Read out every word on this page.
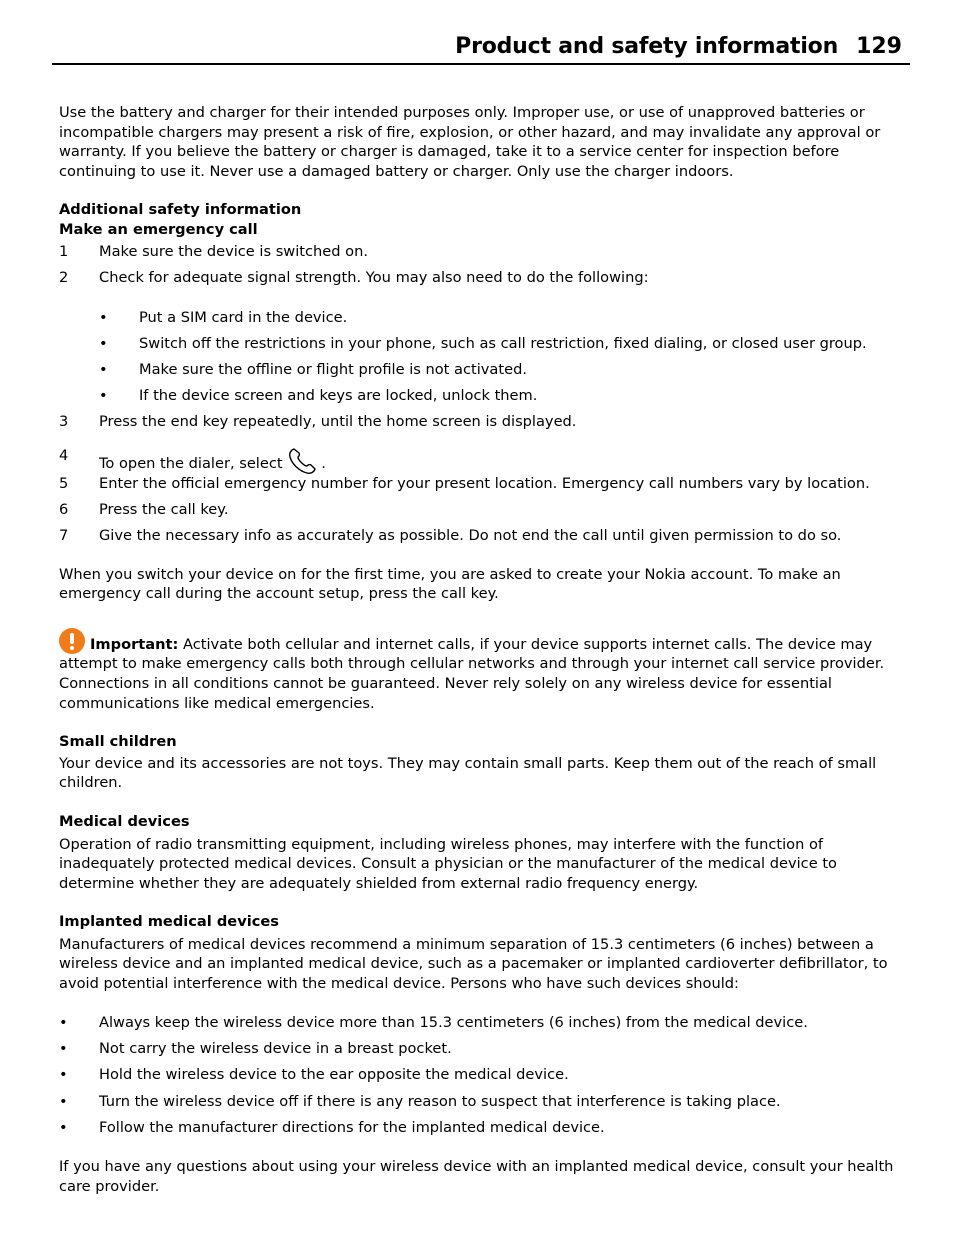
Product and safety information 129

Use the battery and charger for their intended purposes only. Improper use, or use of unapproved batteries or incompatible chargers may present a risk of fire, explosion, or other hazard, and may invalidate any approval or warranty. If you believe the battery or charger is damaged, take it to a service center for inspection before continuing to use it. Never use a damaged battery or charger. Only use the charger indoors.

Additional safety information

Make an emergency call

1 Make sure the device is switched on.
2 Check for adequate signal strength. You may also need to do the following:
• Put a SIM card in the device.
• Switch off the restrictions in your phone, such as call restriction, fixed dialing, or closed user group.
• Make sure the offline or flight profile is not activated.
• If the device screen and keys are locked, unlock them.
3 Press the end key repeatedly, until the home screen is displayed.
4 To open the dialer, select	.
5 Enter the official emergency number for your present location. Emergency call numbers vary by location.
6 Press the call key.
7 Give the necessary info as accurately as possible. Do not end the call until given permission to do so.

When you switch your device on for the first time, you are asked to create your Nokia account. To make an emergency call during the account setup, press the call key.

Important: Activate both cellular and internet calls, if your device supports internet calls. The device may attempt to make emergency calls both through cellular networks and through your internet call service provider. Connections in all conditions cannot be guaranteed. Never rely solely on any wireless device for essential communications like medical emergencies.

Small children

Your device and its accessories are not toys. They may contain small parts. Keep them out of the reach of small children.

Medical devices

Operation of radio transmitting equipment, including wireless phones, may interfere with the function of inadequately protected medical devices. Consult a physician or the manufacturer of the medical device to determine whether they are adequately shielded from external radio frequency energy.

Implanted medical devices

Manufacturers of medical devices recommend a minimum separation of 15.3 centimeters (6 inches) between a wireless device and an implanted medical device, such as a pacemaker or implanted cardioverter defibrillator, to avoid potential interference with the medical device. Persons who have such devices should:

• Always keep the wireless device more than 15.3 centimeters (6 inches) from the medical device.
• Not carry the wireless device in a breast pocket.
• Hold the wireless device to the ear opposite the medical device.
• Turn the wireless device off if there is any reason to suspect that interference is taking place.
• Follow the manufacturer directions for the implanted medical device.

If you have any questions about using your wireless device with an implanted medical device, consult your health care provider.
